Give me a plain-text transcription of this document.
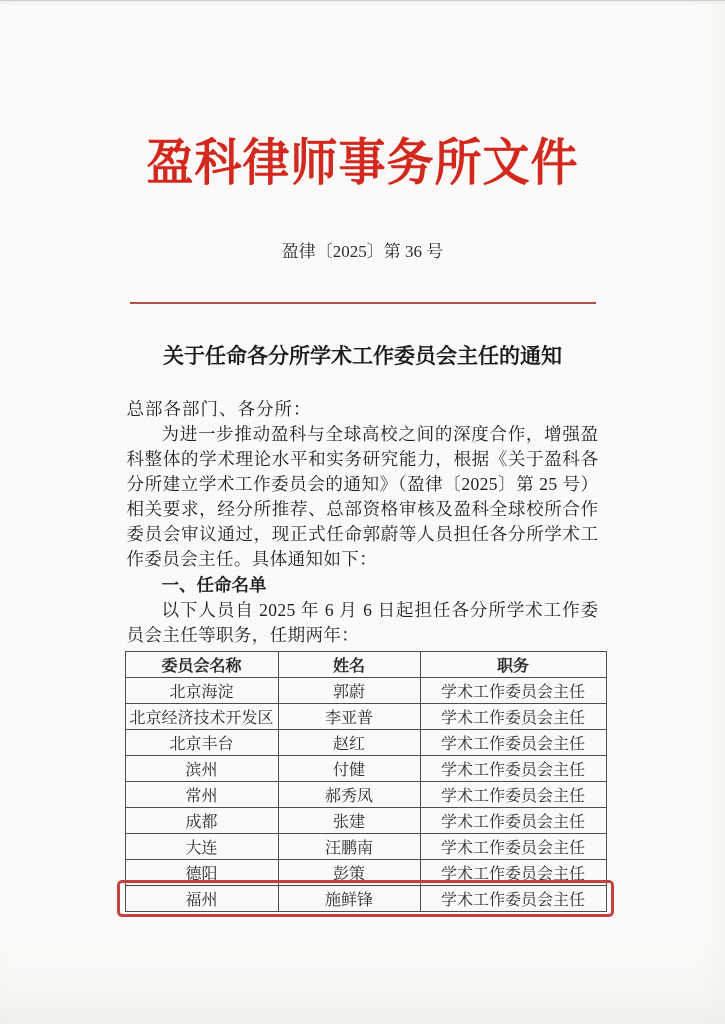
盈科律师事务所文件
盈律〔2025〕第 36 号
关于任命各分所学术工作委员会主任的通知
总部各部门、各分所：

为进一步推动盈科与全球高校之间的深度合作，增强盈科整体的学术理论水平和实务研究能力，根据《关于盈科各分所建立学术工作委员会的通知》（盈律〔2025〕第 25 号）相关要求，经分所推荐、总部资格审核及盈科全球校所合作委员会审议通过，现正式任命郭蔚等人员担任各分所学术工作委员会主任。具体通知如下：

一、任命名单

以下人员自 2025 年 6 月 6 日起担任各分所学术工作委员会主任等职务，任期两年：

委员会名称	姓名	职务
北京海淀	郭蔚	学术工作委员会主任
北京经济技术开发区	李亚普	学术工作委员会主任
北京丰台	赵红	学术工作委员会主任
滨州	付健	学术工作委员会主任
常州	郝秀凤	学术工作委员会主任
成都	张建	学术工作委员会主任
大连	汪鹏南	学术工作委员会主任
德阳	彭策	学术工作委员会主任
福州	施鲜锋	学术工作委员会主任
